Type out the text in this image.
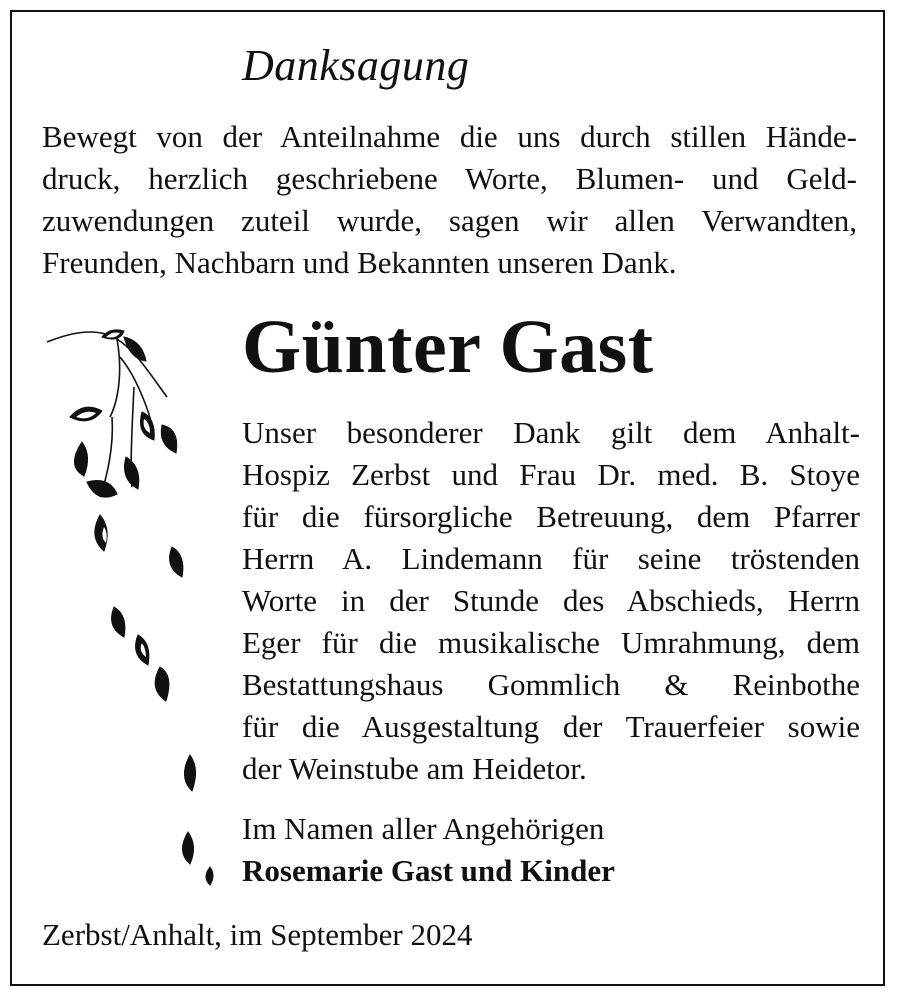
Danksagung
Bewegt von der Anteilnahme die uns durch stillen Hände-
druck, herzlich geschriebene Worte, Blumen- und Geld-
zuwendungen zuteil wurde, sagen wir allen Verwandten,
Freunden, Nachbarn und Bekannten unseren Dank.
Günter Gast
Unser besonderer Dank gilt dem Anhalt-
Hospiz Zerbst und Frau Dr. med. B. Stoye
für die fürsorgliche Betreuung, dem Pfarrer
Herrn A. Lindemann für seine tröstenden
Worte in der Stunde des Abschieds, Herrn
Eger für die musikalische Umrahmung, dem
Bestattungshaus Gommlich & Reinbothe
für die Ausgestaltung der Trauerfeier sowie
der Weinstube am Heidetor.
Im Namen aller Angehörigen
Rosemarie Gast und Kinder
Zerbst/Anhalt, im September 2024
